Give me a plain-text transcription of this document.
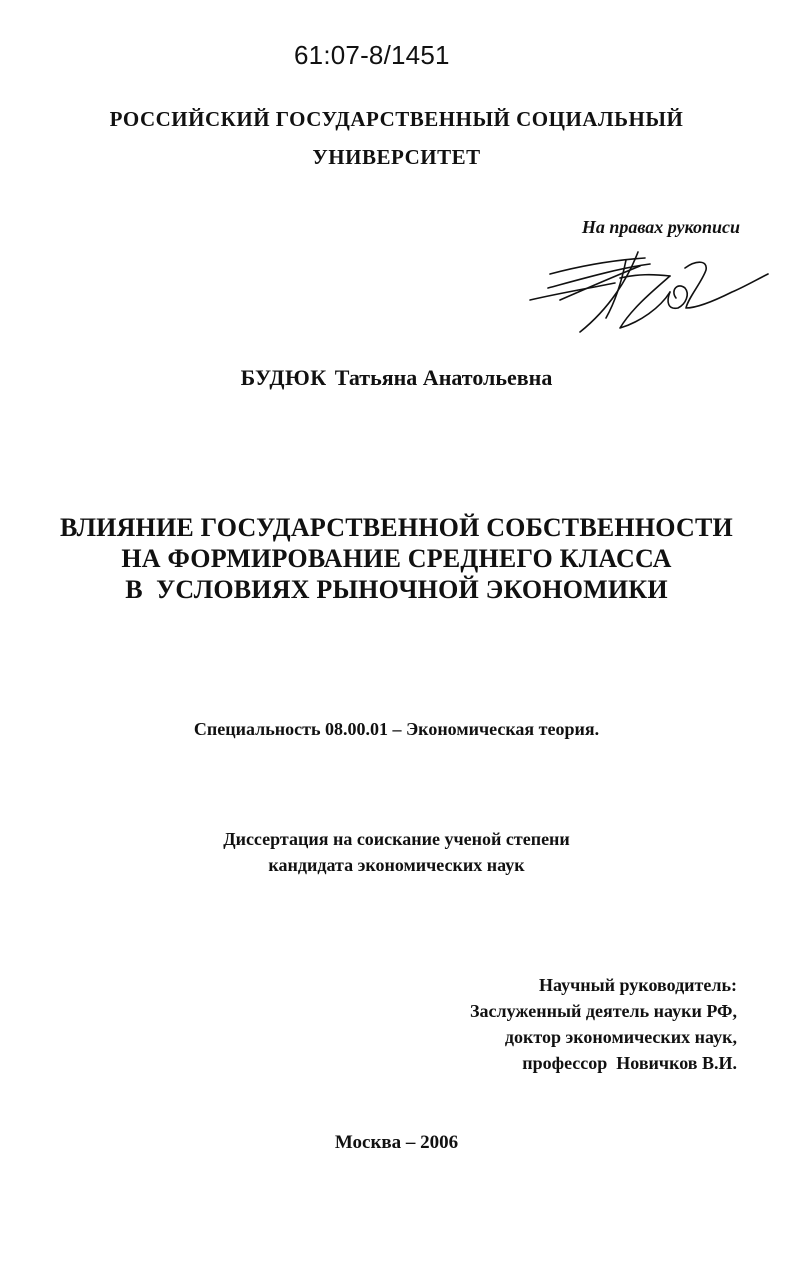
61:07-8/1451
РОССИЙСКИЙ ГОСУДАРСТВЕННЫЙ СОЦИАЛЬНЫЙ
УНИВЕРСИТЕТ
На правах рукописи
БУДЮК Татьяна Анатольевна
ВЛИЯНИЕ ГОСУДАРСТВЕННОЙ СОБСТВЕННОСТИ
НА ФОРМИРОВАНИЕ СРЕДНЕГО КЛАССА
В  УСЛОВИЯХ РЫНОЧНОЙ ЭКОНОМИКИ
Специальность 08.00.01 – Экономическая теория.
Диссертация на соискание ученой степени
кандидата экономических наук
Научный руководитель:
Заслуженный деятель науки РФ,
доктор экономических наук,
профессор  Новичков В.И.
Москва – 2006
